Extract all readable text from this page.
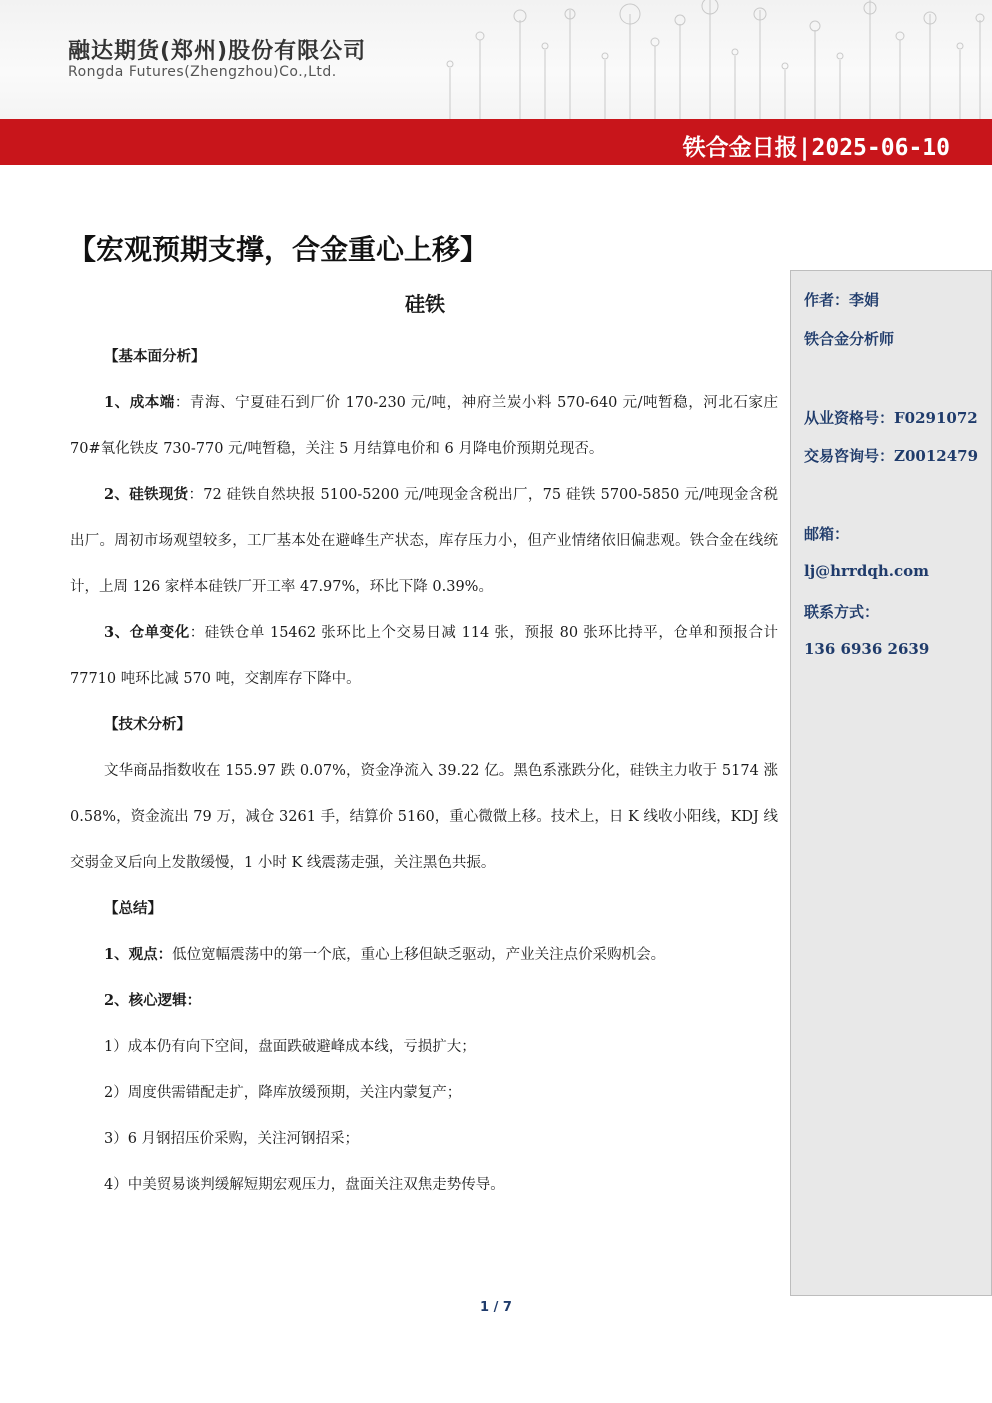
融达期货(郑州)股份有限公司
Rongda Futures(Zhengzhou)Co.,Ltd.
铁合金日报|2025-06-10
【宏观预期支撑，合金重心上移】
硅铁

【基本面分析】

1、成本端：青海、宁夏硅石到厂价 170-230 元/吨，神府兰炭小料 570-640 元/吨暂稳，河北石家庄 70#氧化铁皮 730-770 元/吨暂稳，关注 5 月结算电价和 6 月降电价预期兑现否。

2、硅铁现货：72 硅铁自然块报 5100-5200 元/吨现金含税出厂，75 硅铁 5700-5850 元/吨现金含税出厂。周初市场观望较多，工厂基本处在避峰生产状态，库存压力小，但产业情绪依旧偏悲观。铁合金在线统计，上周 126 家样本硅铁厂开工率 47.97%，环比下降 0.39%。

3、仓单变化：硅铁仓单 15462 张环比上个交易日减 114 张，预报 80 张环比持平，仓单和预报合计 77710 吨环比减 570 吨，交割库存下降中。

【技术分析】

文华商品指数收在 155.97 跌 0.07%，资金净流入 39.22 亿。黑色系涨跌分化，硅铁主力收于 5174 涨 0.58%，资金流出 79 万，减仓 3261 手，结算价 5160，重心微微上移。技术上，日 K 线收小阳线，KDJ 线交弱金叉后向上发散缓慢，1 小时 K 线震荡走强，关注黑色共振。

【总结】

1、观点：低位宽幅震荡中的第一个底，重心上移但缺乏驱动，产业关注点价采购机会。

2、核心逻辑：

1）成本仍有向下空间，盘面跌破避峰成本线，亏损扩大；

2）周度供需错配走扩，降库放缓预期，关注内蒙复产；

3）6 月钢招压价采购，关注河钢招采；

4）中美贸易谈判缓解短期宏观压力，盘面关注双焦走势传导。

作者：李娟
铁合金分析师
从业资格号：F0291072
交易咨询号：Z0012479
邮箱：
lj@hrrdqh.com
联系方式：
136 6936 2639
1 / 7
